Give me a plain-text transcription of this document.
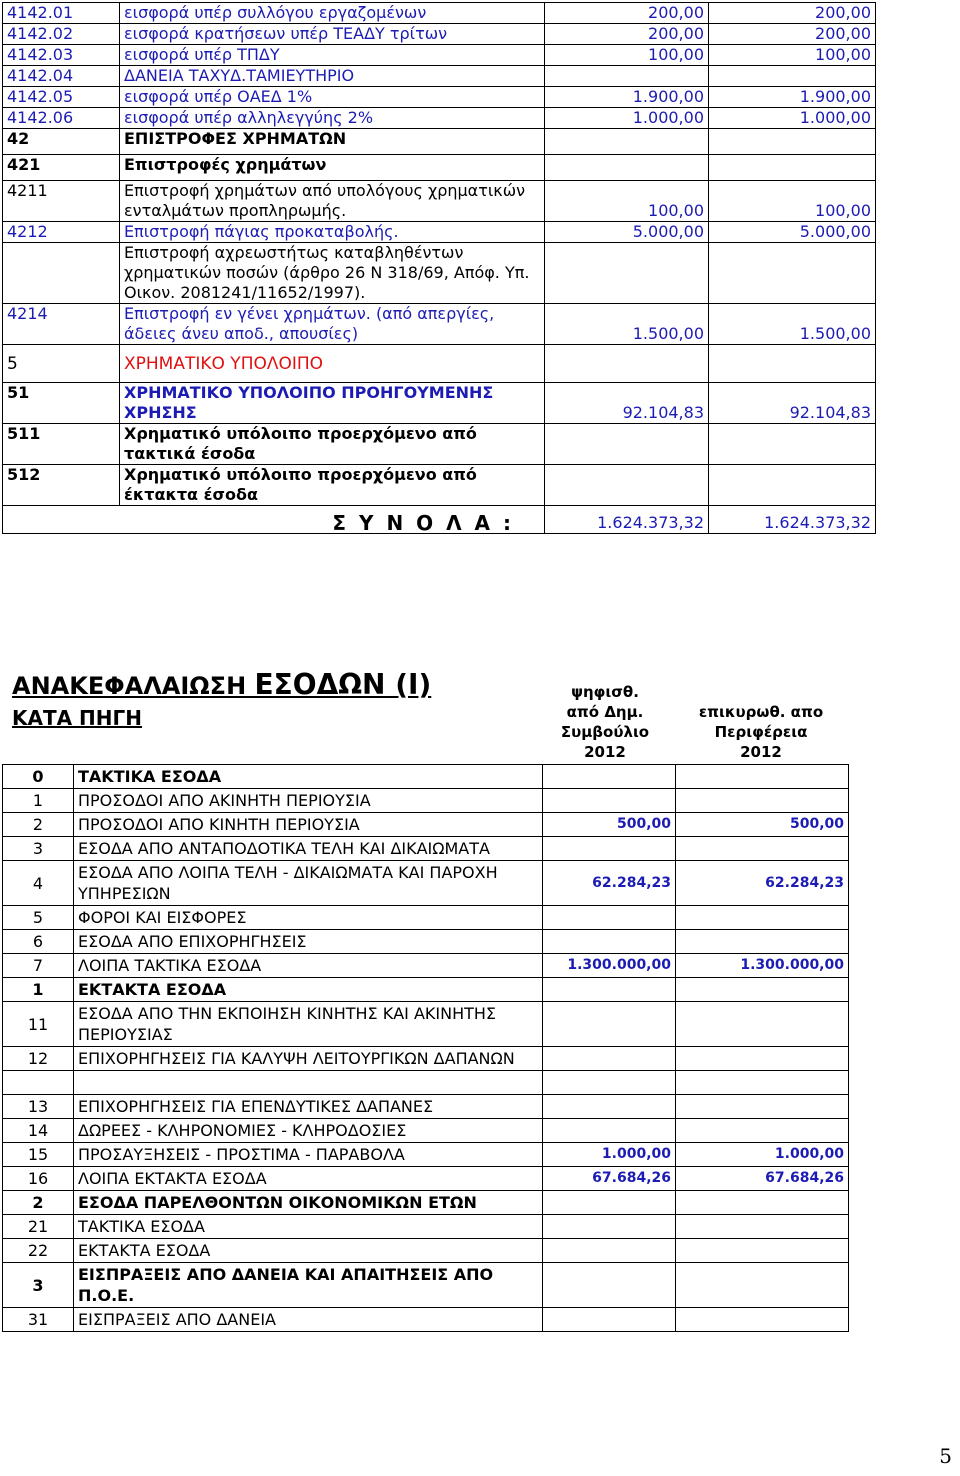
4142.01	εισφορά υπέρ συλλόγου εργαζομένων	200,00	200,00
4142.02	εισφορά κρατήσεων υπέρ ΤΕΑΔΥ τρίτων	200,00	200,00
4142.03	εισφορά υπέρ ΤΠΔΥ	100,00	100,00
4142.04	ΔΑΝΕΙΑ ΤΑΧΥΔ.ΤΑΜΙΕΥΤΗΡΙΟ		
4142.05	εισφορά υπέρ ΟΑΕΔ 1%	1.900,00	1.900,00
4142.06	εισφορά υπέρ αλληλεγγύης 2%	1.000,00	1.000,00
42	ΕΠΙΣΤΡΟΦΕΣ ΧΡΗΜΑΤΩΝ		
421	Επιστροφές χρημάτων		
4211	Επιστροφή χρημάτων από υπολόγους χρηματικών ενταλμάτων προπληρωμής.	100,00	100,00
4212	Επιστροφή πάγιας προκαταβολής.	5.000,00	5.000,00
	Επιστροφή αχρεωστήτως καταβληθέντων χρηματικών ποσών (άρθρο 26 Ν 318/69, Απόφ. Υπ. Οικον. 2081241/11652/1997).		
4214	Επιστροφή εν γένει χρημάτων. (από απεργίες, άδειες άνευ αποδ., απουσίες)	1.500,00	1.500,00
5	ΧΡΗΜΑΤΙΚΟ ΥΠΟΛΟΙΠΟ		
51	ΧΡΗΜΑΤΙΚΟ ΥΠΟΛΟΙΠΟ ΠΡΟΗΓΟΥΜΕΝΗΣ ΧΡΗΣΗΣ	92.104,83	92.104,83
511	Χρηματικό υπόλοιπο προερχόμενο από τακτικά έσοδα		
512	Χρηματικό υπόλοιπο προερχόμενο από έκτακτα έσοδα		
Σ Υ Ν Ο Λ Α :		1.624.373,32	1.624.373,32
ΑΝΑΚΕΦΑΛΑΙΩΣΗ ΕΣΟΔΩΝ (Ι)
ΚΑΤΑ ΠΗΓΗ
ψηφισθ.
από Δημ.
Συμβούλιο
2012
επικυρωθ. απο
Περιφέρεια
2012
0	ΤΑΚΤΙΚΑ ΕΣΟΔΑ		
1	ΠΡΟΣΟΔΟΙ ΑΠΟ ΑΚΙΝΗΤΗ ΠΕΡΙΟΥΣΙΑ		
2	ΠΡΟΣΟΔΟΙ ΑΠΟ ΚΙΝΗΤΗ ΠΕΡΙΟΥΣΙΑ	500,00	500,00
3	ΕΣΟΔΑ ΑΠΟ ΑΝΤΑΠΟΔΟΤΙΚΑ ΤΕΛΗ ΚΑΙ ΔΙΚΑΙΩΜΑΤΑ		
4	ΕΣΟΔΑ ΑΠΟ ΛΟΙΠΑ ΤΕΛΗ - ΔΙΚΑΙΩΜΑΤΑ ΚΑΙ ΠΑΡΟΧΗ ΥΠΗΡΕΣΙΩΝ	62.284,23	62.284,23
5	ΦΟΡΟΙ ΚΑΙ ΕΙΣΦΟΡΕΣ		
6	ΕΣΟΔΑ ΑΠΟ ΕΠΙΧΟΡΗΓΗΣΕΙΣ		
7	ΛΟΙΠΑ ΤΑΚΤΙΚΑ ΕΣΟΔΑ	1.300.000,00	1.300.000,00
1	ΕΚΤΑΚΤΑ ΕΣΟΔΑ		
11	ΕΣΟΔΑ ΑΠΟ ΤΗΝ ΕΚΠΟΙΗΣΗ ΚΙΝΗΤΗΣ ΚΑΙ ΑΚΙΝΗΤΗΣ ΠΕΡΙΟΥΣΙΑΣ		
12	ΕΠΙΧΟΡΗΓΗΣΕΙΣ ΓΙΑ ΚΑΛΥΨΗ ΛΕΙΤΟΥΡΓΙΚΩΝ ΔΑΠΑΝΩΝ		

13	ΕΠΙΧΟΡΗΓΗΣΕΙΣ ΓΙΑ ΕΠΕΝΔΥΤΙΚΕΣ ΔΑΠΑΝΕΣ		
14	ΔΩΡΕΕΣ - ΚΛΗΡΟΝΟΜΙΕΣ - ΚΛΗΡΟΔΟΣΙΕΣ		
15	ΠΡΟΣΑΥΞΗΣΕΙΣ - ΠΡΟΣΤΙΜΑ - ΠΑΡΑΒΟΛΑ	1.000,00	1.000,00
16	ΛΟΙΠΑ ΕΚΤΑΚΤΑ ΕΣΟΔΑ	67.684,26	67.684,26
2	ΕΣΟΔΑ ΠΑΡΕΛΘΟΝΤΩΝ ΟΙΚΟΝΟΜΙΚΩΝ ΕΤΩΝ		
21	ΤΑΚΤΙΚΑ ΕΣΟΔΑ		
22	ΕΚΤΑΚΤΑ ΕΣΟΔΑ		
3	ΕΙΣΠΡΑΞΕΙΣ ΑΠΟ ΔΑΝΕΙΑ ΚΑΙ ΑΠΑΙΤΗΣΕΙΣ ΑΠΟ Π.Ο.Ε.		
31	ΕΙΣΠΡΑΞΕΙΣ ΑΠΟ ΔΑΝΕΙΑ		
5
